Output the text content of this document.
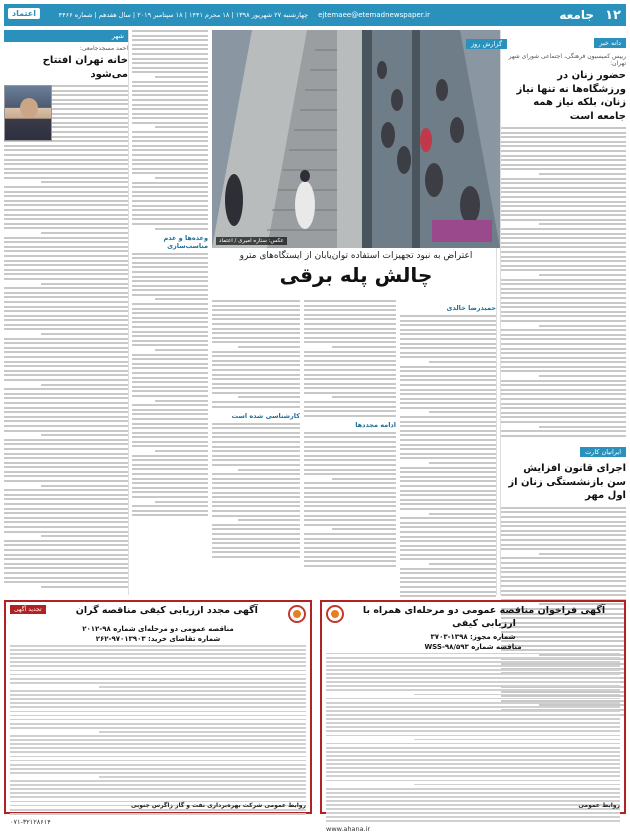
۱۲
جامعه
ejtemaee@etemadnewspaper.ir
چهارشنبه ۲۷ شهریور ۱۳۹۸ | ۱۸ محرم ۱۴۴۱ | ۱۸ سپتامبر ۲۰۱۹ | سال هفدهم | شماره ۴۴۶۶
اعتماد
دانه خبر
رییس کمیسیون فرهنگی، اجتماعی شورای شهر تهران:
حضور زنان در ورزشگاه‌ها نه تنها نیاز زنان، بلکه نیاز همه جامعه است
ایرانیان کارت
اجرای قانون افزایش سن بازنشستگی زنان از اول مهر
عکس: ستاره امیری / اعتماد
گزارش روز
اعتراض به نبود تجهیزات استفاده توان‌یابان از ایستگاه‌های مترو
چالش پله برقی
حمیدرضا خالدی
ادامه مجددها
کارشناسی شده است
وعده‌ها و عدم مناسب‌سازی
شهر
احمد مسجدجامعی:
خانه تهران افتتاح می‌شود
آگهی فراخوان مناقصه عمومی دو مرحله‌ای همراه با ارزیابی کیفی
شماره مجوز: ۱۳۹۸-۳۷۰۳
مناقصه شماره ۹۸/۵۹۳-WSS
www.ahana.ir
روابط عمومی
آگهی مجدد ارزیابی کیفی مناقصه گران
تجدید آگهی
مناقصه عمومی دو مرحله‌ای شماره ۹۸-۲۰۱۲
شماره تقاضای خرید: ۹۷۰۱۳۹۰۳-۲۶۲
۰۷۱-۳۲۱۲۸۶۱۴
روابط عمومی شرکت بهره‌برداری نفت و گاز زاگرس جنوبی
